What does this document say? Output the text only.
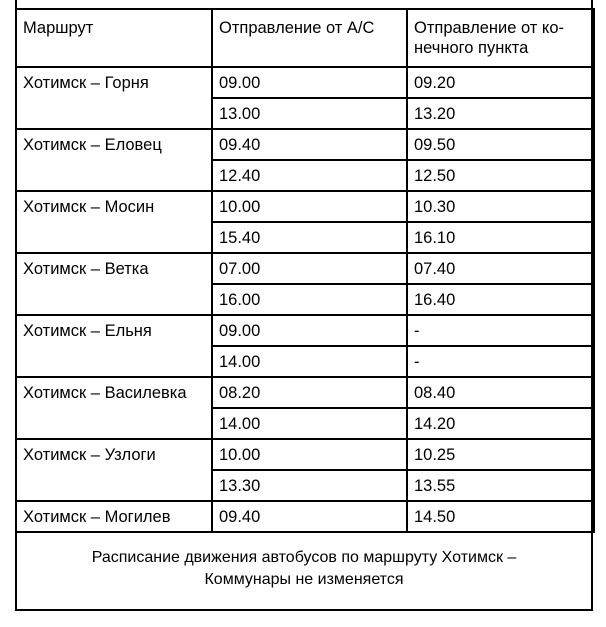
Маршрут	Отправление от А/С	Отправление от ко-
нечного пункта
Хотимск – Горня	09.00	09.20
	13.00	13.20
Хотимск – Еловец	09.40	09.50
	12.40	12.50
Хотимск – Мосин	10.00	10.30
	15.40	16.10
Хотимск – Ветка	07.00	07.40
	16.00	16.40
Хотимск – Ельня	09.00	-
	14.00	-
Хотимск – Василевка	08.20	08.40
	14.00	14.20
Хотимск – Узлоги	10.00	10.25
	13.30	13.55
Хотимск – Могилев	09.40	14.50
Расписание движения автобусов по маршруту Хотимск –
Коммунары не изменяется
